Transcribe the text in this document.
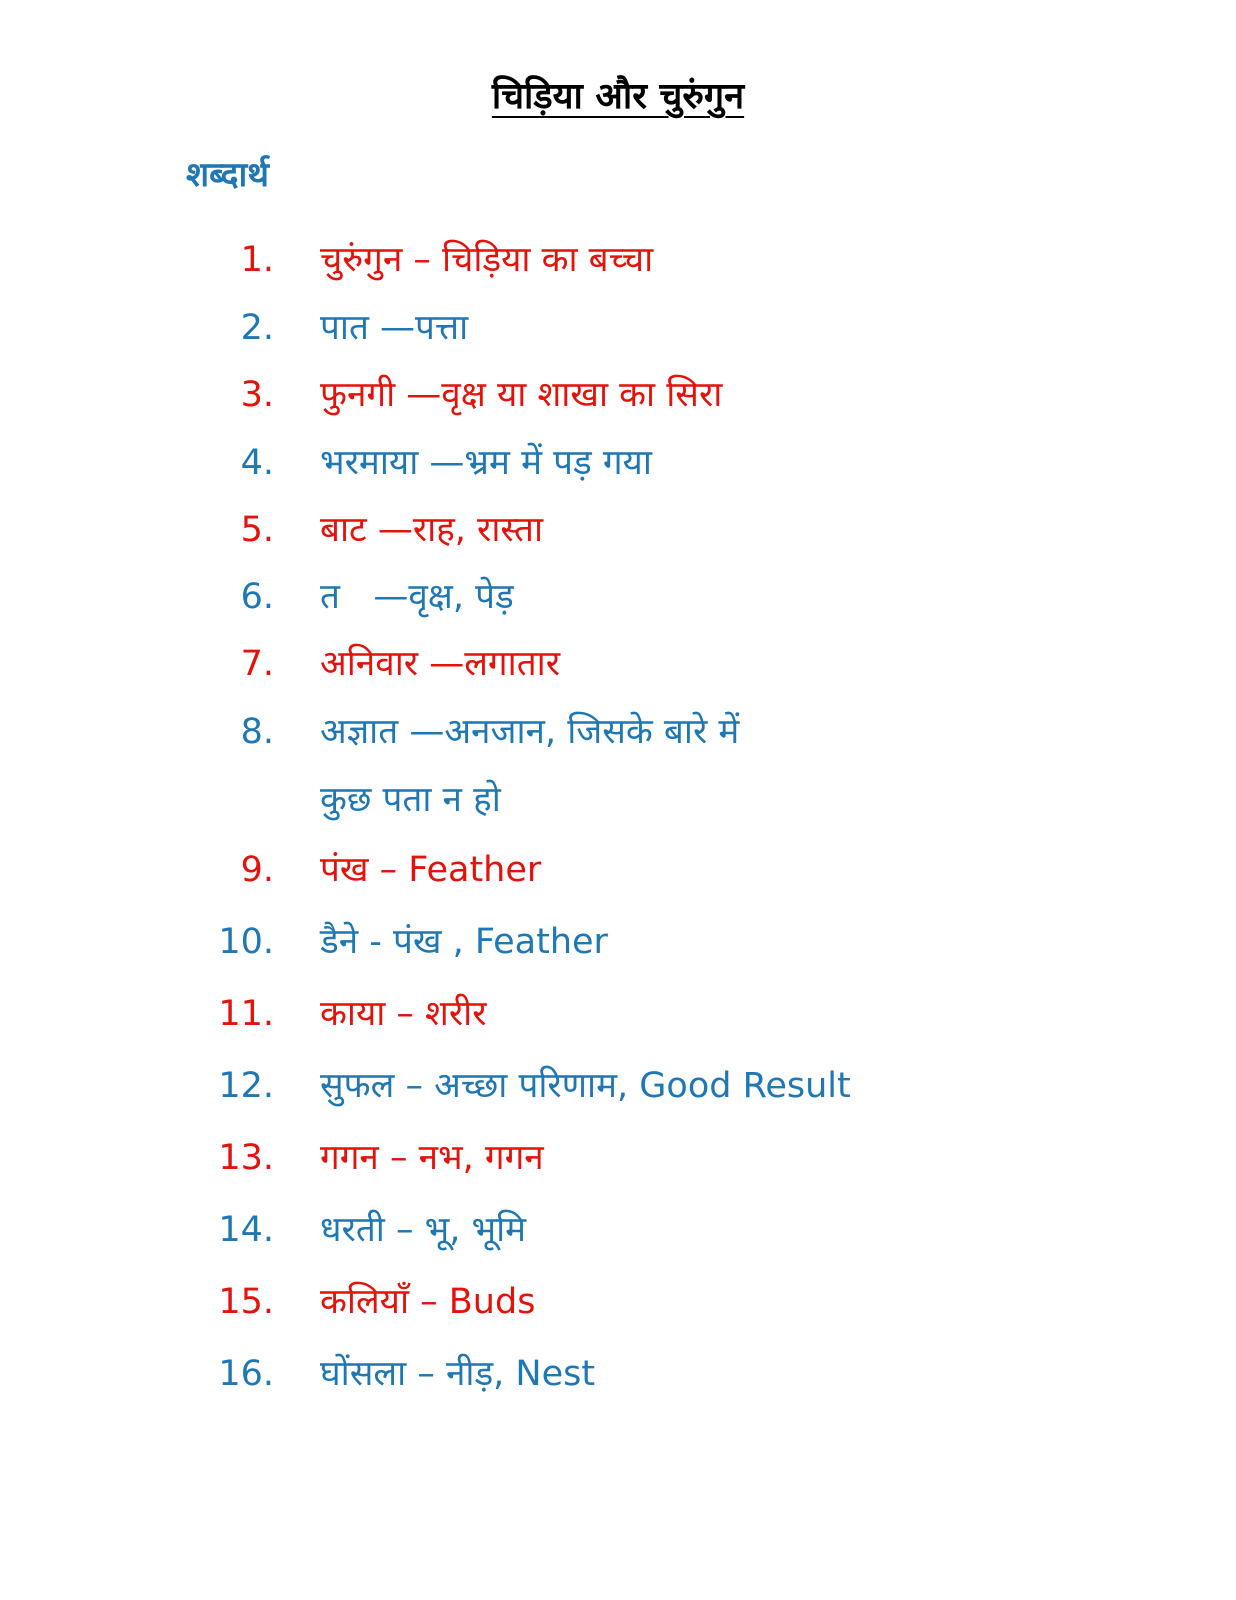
चिड़िया और चुरुंगुन
शब्दार्थ
1. चुरुंगुन – चिड़िया का बच्चा
2. पात —पत्ता
3. फुनगी —वृक्ष या शाखा का सिरा
4. भरमाया —भ्रम में पड़ गया
5. बाट —राह, रास्ता
6. त   —वृक्ष, पेड़
7. अनिवार —लगातार
8. अज्ञात —अनजान, जिसके बारे में
कुछ पता न हो
9. पंख – Feather
10. डैने - पंख , Feather
11. काया – शरीर
12. सुफल – अच्छा परिणाम, Good Result
13. गगन – नभ, गगन
14. धरती – भू, भूमि
15. कलियाँ – Buds
16. घोंसला – नीड़, Nest
